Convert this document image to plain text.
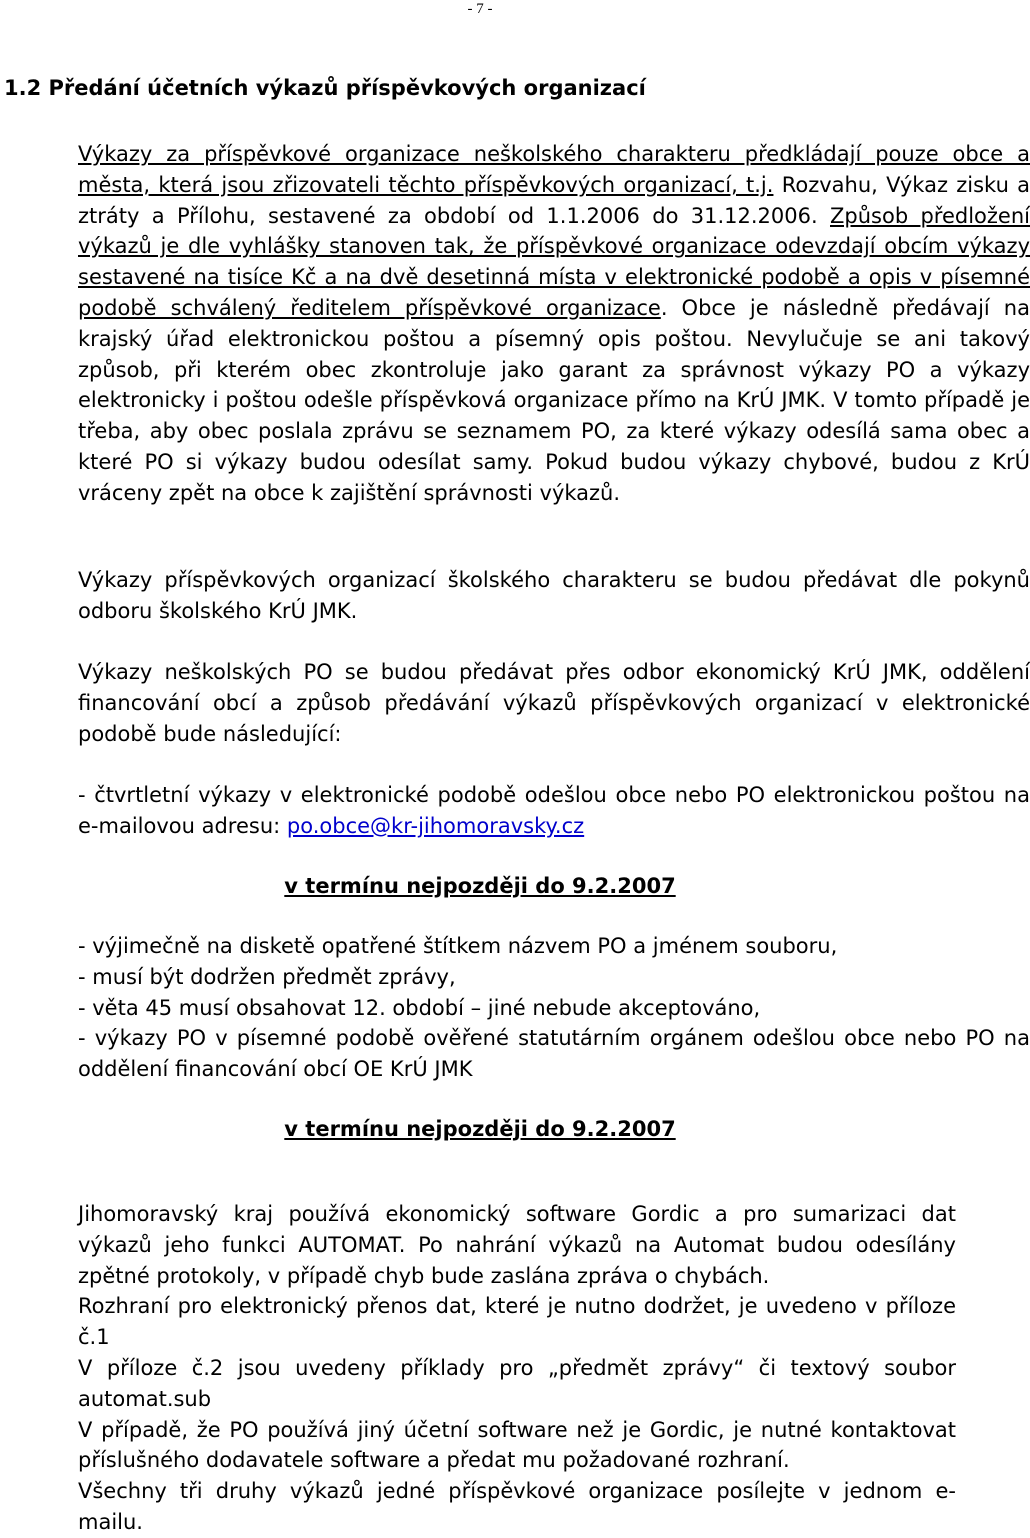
- 7 -
1.2 Předání účetních výkazů příspěvkových organizací

Výkazy za příspěvkové organizace neškolského charakteru předkládají pouze obce a města, která jsou zřizovateli těchto příspěvkových organizací, t.j. Rozvahu, Výkaz zisku a ztráty a Přílohu, sestavené za období od 1.1.2006 do 31.12.2006. Způsob předložení výkazů je dle vyhlášky stanoven tak, že příspěvkové organizace odevzdají obcím výkazy sestavené na tisíce Kč a na dvě desetinná místa v elektronické podobě a opis v písemné podobě schválený ředitelem příspěvkové organizace. Obce je následně předávají na krajský úřad elektronickou poštou a písemný opis poštou. Nevylučuje se ani takový způsob, při kterém obec zkontroluje jako garant za správnost výkazy PO a výkazy elektronicky i poštou odešle příspěvková organizace přímo na KrÚ JMK. V tomto případě je třeba, aby obec poslala zprávu se seznamem PO, za které výkazy odesílá sama obec a které PO si výkazy budou odesílat samy. Pokud budou výkazy chybové, budou z KrÚ vráceny zpět na obce k zajištění správnosti výkazů.

Výkazy příspěvkových organizací školského charakteru se budou předávat dle pokynů odboru školského KrÚ JMK.

Výkazy neškolských PO se budou předávat přes odbor ekonomický KrÚ JMK, oddělení financování obcí a způsob předávání výkazů příspěvkových organizací v elektronické podobě bude následující:

- čtvrtletní výkazy v elektronické podobě odešlou obce nebo PO elektronickou poštou na e-mailovou adresu: po.obce@kr-jihomoravsky.cz

v termínu nejpozději do 9.2.2007

- výjimečně na disketě opatřené štítkem názvem PO a jménem souboru,
- musí být dodržen předmět zprávy,
- věta 45 musí obsahovat 12. období – jiné nebude akceptováno,

- výkazy PO v písemné podobě ověřené statutárním orgánem odešlou obce nebo PO na oddělení financování obcí OE KrÚ JMK

v termínu nejpozději do 9.2.2007

Jihomoravský kraj používá ekonomický software Gordic a pro sumarizaci dat výkazů jeho funkci AUTOMAT. Po nahrání výkazů na Automat budou odesílány zpětné protokoly, v případě chyb bude zaslána zpráva o chybách.

Rozhraní pro elektronický přenos dat, které je nutno dodržet, je uvedeno v příloze č.1

V příloze č.2 jsou uvedeny příklady pro „předmět zprávy“ či textový soubor automat.sub

V případě, že PO používá jiný účetní software než je Gordic, je nutné kontaktovat příslušného dodavatele software a předat mu požadované rozhraní.

Všechny tři druhy výkazů jedné příspěvkové organizace posílejte v jednom e-mailu.
